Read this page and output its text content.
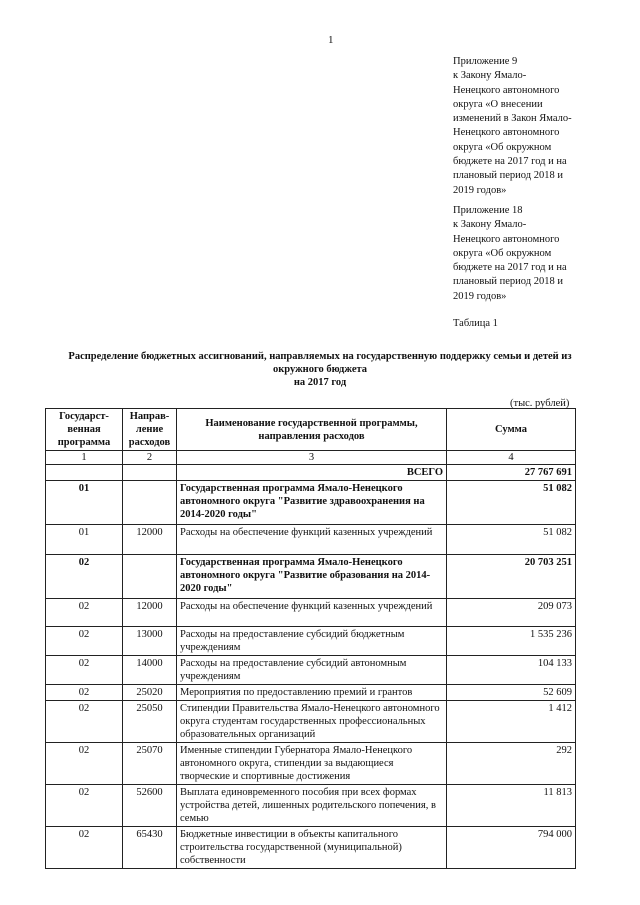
1

Приложение 9

к Закону Ямало-

Ненецкого автономного

округа «О внесении

изменений в Закон Ямало-

Ненецкого автономного

округа «Об окружном

бюджете на 2017 год и на

плановый период 2018 и

2019 годов»

Приложение 18

к Закону Ямало-

Ненецкого автономного

округа «Об окружном

бюджете на 2017 год и на

плановый период 2018 и

2019 годов»

Таблица 1
Распределение бюджетных ассигнований, направляемых на государственную поддержку семьи и детей из
окружного бюджета
на 2017 год
(тыс. рублей)
Государст-венная программа	Направ-ление расходов	Наименование государственной программы, направления расходов	Сумма
1	2	3	4
		ВСЕГО	27 767 691
01		Государственная программа Ямало-Ненецкого автономного округа "Развитие здравоохранения на 2014-2020 годы"	51 082
01	12000	Расходы на обеспечение функций казенных учреждений	51 082
02		Государственная программа Ямало-Ненецкого автономного округа "Развитие образования на 2014-2020 годы"	20 703 251
02	12000	Расходы на обеспечение функций казенных учреждений	209 073
02	13000	Расходы на предоставление субсидий бюджетным учреждениям	1 535 236
02	14000	Расходы на предоставление субсидий автономным учреждениям	104 133
02	25020	Мероприятия по предоставлению премий и грантов	52 609
02	25050	Стипендии Правительства Ямало-Ненецкого автономного округа студентам государственных профессиональных образовательных организаций	1 412
02	25070	Именные стипендии Губернатора Ямало-Ненецкого автономного округа, стипендии за выдающиеся творческие и спортивные достижения	292
02	52600	Выплата единовременного пособия при всех формах устройства детей, лишенных родительского попечения, в семью	11 813
02	65430	Бюджетные инвестиции в объекты капитального строительства государственной (муниципальной) собственности	794 000
